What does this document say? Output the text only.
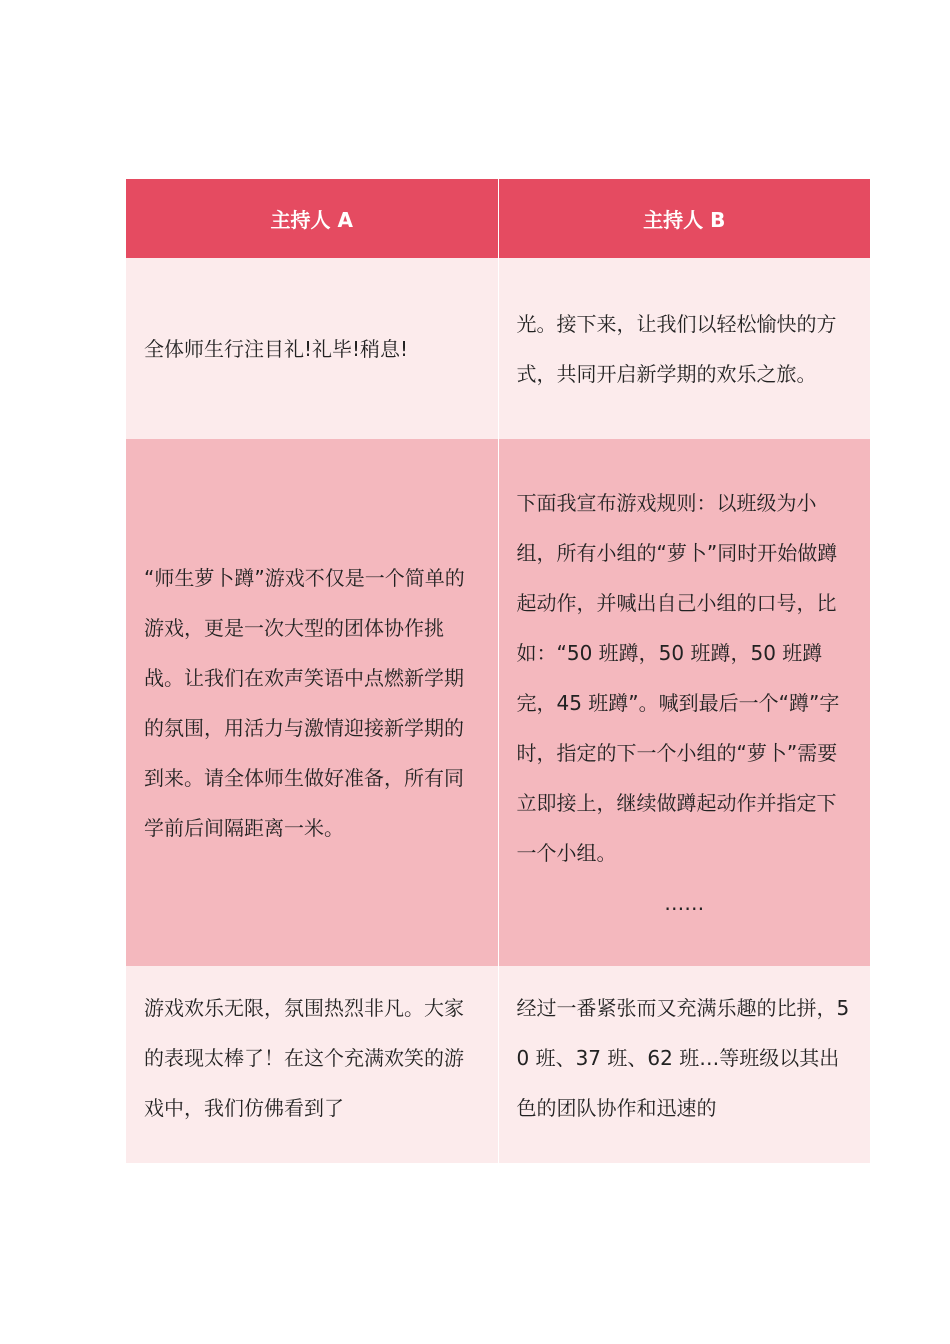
主持人 A	主持人 B

全体师生行注目礼!礼毕!稍息!	光。接下来，让我们以轻松愉快的方式，共同开启新学期的欢乐之旅。

“师生萝卜蹲”游戏不仅是一个简单的游戏，更是一次大型的团体协作挑战。让我们在欢声笑语中点燃新学期的氛围，用活力与激情迎接新学期的到来。请全体师生做好准备，所有同学前后间隔距离一米。	下面我宣布游戏规则：以班级为小组，所有小组的“萝卜”同时开始做蹲起动作，并喊出自己小组的口号，比如：“50 班蹲，50 班蹲，50 班蹲完，45 班蹲”。喊到最后一个“蹲”字时，指定的下一个小组的“萝卜”需要立即接上，继续做蹲起动作并指定下一个小组。
……

游戏欢乐无限，氛围热烈非凡。大家的表现太棒了！在这个充满欢笑的游戏中，我们仿佛看到了	经过一番紧张而又充满乐趣的比拼，50 班、37 班、62 班…等班级以其出色的团队协作和迅速的
